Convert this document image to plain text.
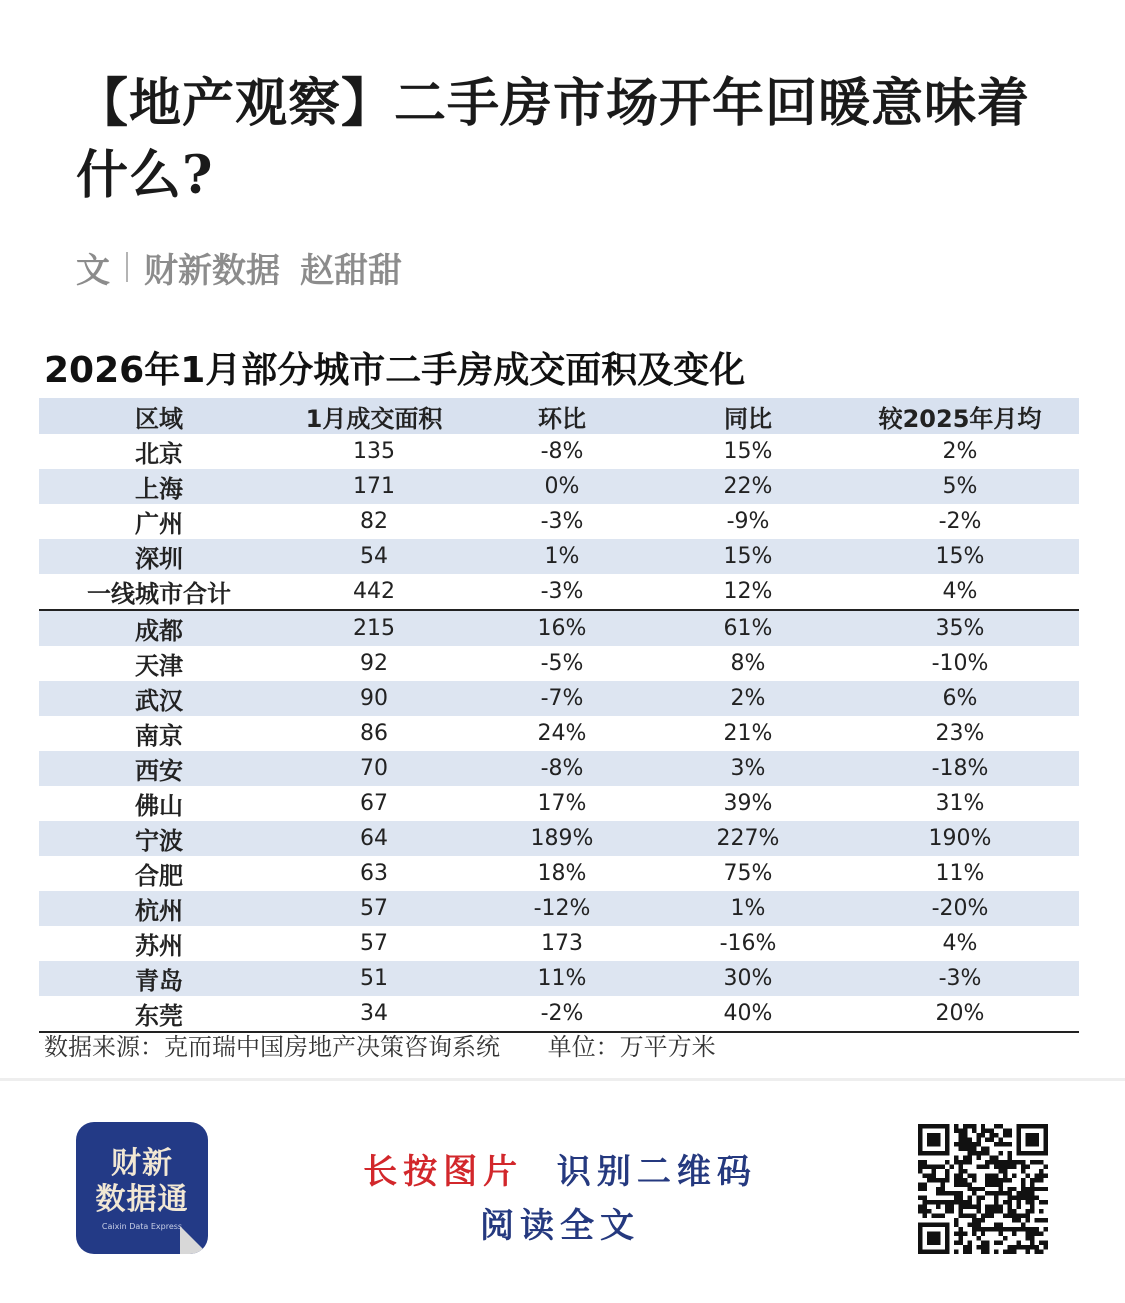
【地产观察】二手房市场开年回暖意味着什么?
文 财新数据 赵甜甜
2026年1月部分城市二手房成交面积及变化
区域	1月成交面积	环比	同比	较2025年月均
北京	135	-8%	15%	2%
上海	171	0%	22%	5%
广州	82	-3%	-9%	-2%
深圳	54	1%	15%	15%
一线城市合计	442	-3%	12%	4%
成都	215	16%	61%	35%
天津	92	-5%	8%	-10%
武汉	90	-7%	2%	6%
南京	86	24%	21%	23%
西安	70	-8%	3%	-18%
佛山	67	17%	39%	31%
宁波	64	189%	227%	190%
合肥	63	18%	75%	11%
杭州	57	-12%	1%	-20%
苏州	57	173	-16%	4%
青岛	51	11%	30%	-3%
东莞	34	-2%	40%	20%
数据来源：克而瑞中国房地产决策咨询系统 单位：万平方米
财新
数据通
Caixin Data Express
长按图片 识别二维码
阅读全文
